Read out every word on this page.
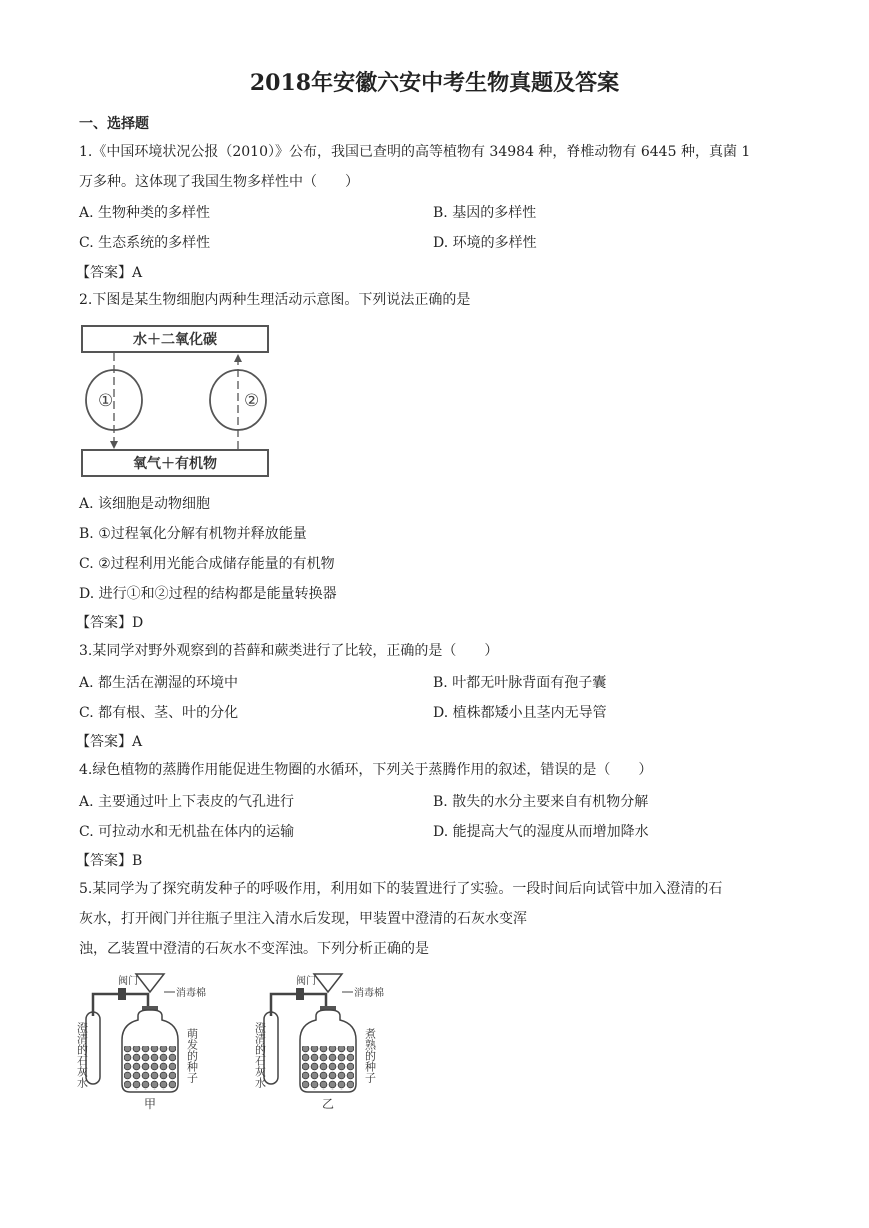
2018年安徽六安中考生物真题及答案
一、选择题
1.《中国环境状况公报（2010）》公布，我国已查明的高等植物有 34984 种，脊椎动物有 6445 种，真菌 1
万多种。这体现了我国生物多样性中（　　）
A. 生物种类的多样性	B. 基因的多样性
C. 生态系统的多样性	D. 环境的多样性
【答案】A
2.下图是某生物细胞内两种生理活动示意图。下列说法正确的是
水＋二氧化碳
氧气＋有机物
①	②
A. 该细胞是动物细胞
B. ①过程氧化分解有机物并释放能量
C. ②过程利用光能合成储存能量的有机物
D. 进行①和②过程的结构都是能量转换器
【答案】D
3.某同学对野外观察到的苔藓和蕨类进行了比较，正确的是（　　）
A. 都生活在潮湿的环境中	B. 叶都无叶脉背面有孢子囊
C. 都有根、茎、叶的分化	D. 植株都矮小且茎内无导管
【答案】A
4.绿色植物的蒸腾作用能促进生物圈的水循环，下列关于蒸腾作用的叙述，错误的是（　　）
A. 主要通过叶上下表皮的气孔进行	B. 散失的水分主要来自有机物分解
C. 可拉动水和无机盐在体内的运输	D. 能提高大气的湿度从而增加降水
【答案】B
5.某同学为了探究萌发种子的呼吸作用，利用如下的装置进行了实验。一段时间后向试管中加入澄清的石
灰水，打开阀门并往瓶子里注入清水后发现，甲装置中澄清的石灰水变浑
浊，乙装置中澄清的石灰水不变浑浊。下列分析正确的是
阀门
消毒棉
澄清的石灰水	萌发的种子
甲
阀门
消毒棉
澄清的石灰水	煮熟的种子
乙
